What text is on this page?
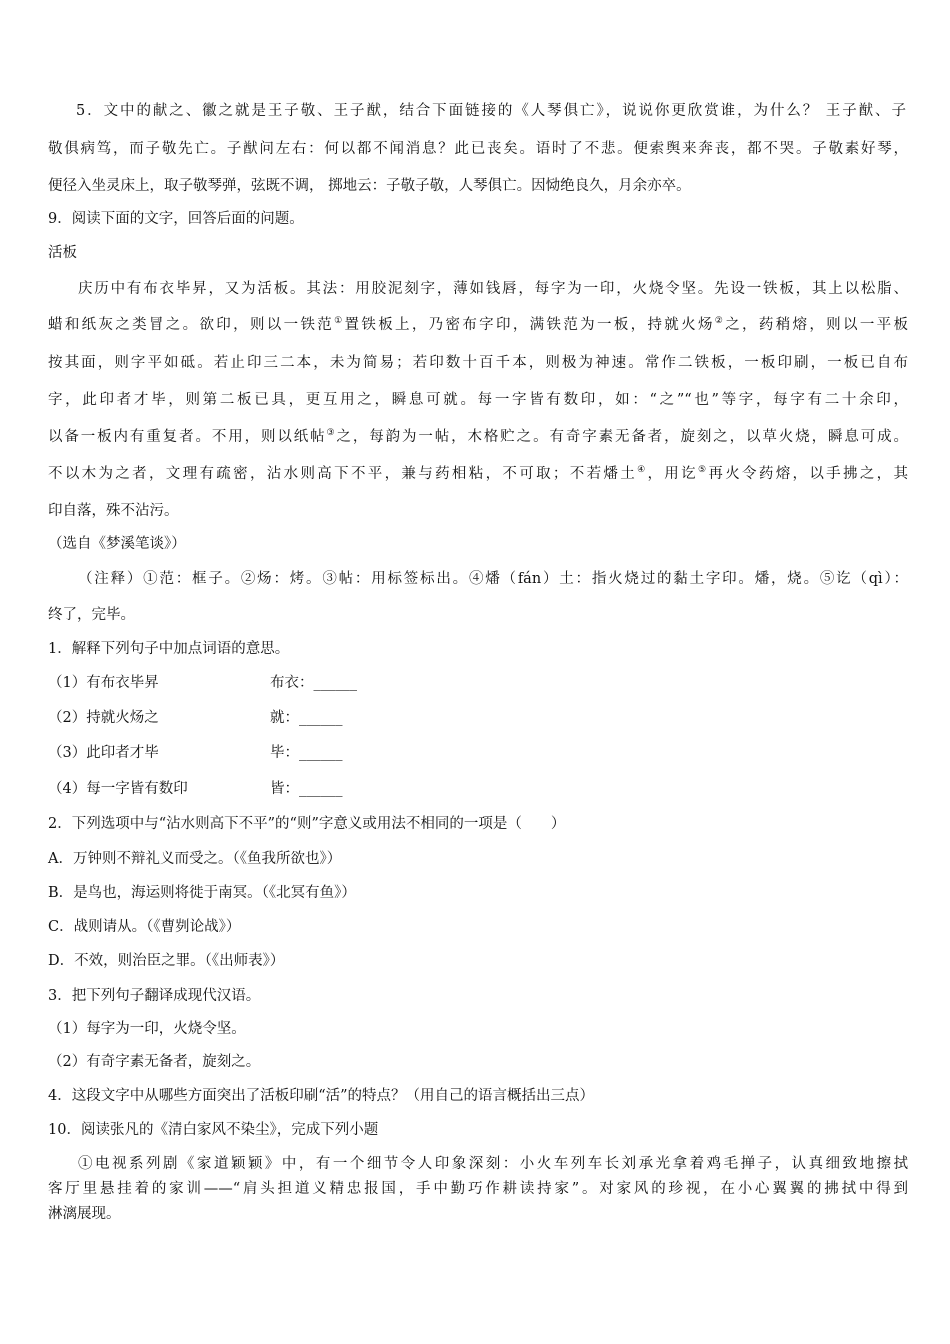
5．文中的献之、徽之就是王子敬、王子猷，结合下面链接的《人琴俱亡》，说说你更欣赏谁，为什么？ 王子猷、子
敬俱病笃，而子敬先亡。子猷问左右：何以都不闻消息？此已丧矣。语时了不悲。便索舆来奔丧，都不哭。子敬素好琴，
便径入坐灵床上，取子敬琴弹，弦既不调， 掷地云：子敬子敬，人琴俱亡。因恸绝良久，月余亦卒。
9．阅读下面的文字，回答后面的问题。
活板
庆历中有布衣毕昇，又为活板。其法：用胶泥刻字，薄如钱唇，每字为一印，火烧令坚。先设一铁板，其上以松脂、
蜡和纸灰之类冒之。欲印，则以一铁范①置铁板上，乃密布字印，满铁范为一板，持就火炀②之，药稍熔，则以一平板
按其面，则字平如砥。若止印三二本，未为简易；若印数十百千本，则极为神速。常作二铁板，一板印刷，一板已自布
字，此印者才毕，则第二板已具，更互用之，瞬息可就。每一字皆有数印，如：“之”“也”等字，每字有二十余印，
以备一板内有重复者。不用，则以纸帖③之，每韵为一帖，木格贮之。有奇字素无备者，旋刻之，以草火烧，瞬息可成。
不以木为之者，文理有疏密，沾水则高下不平，兼与药相粘，不可取；不若燔土④，用讫⑤再火令药熔，以手拂之，其
印自落，殊不沾污。
（选自《梦溪笔谈》）
（注释）①范：框子。②炀：烤。③帖：用标签标出。④燔（fán）土：指火烧过的黏土字印。燔，烧。⑤讫（qì）：
终了，完毕。
1．解释下列句子中加点词语的意思。
（1）有布衣毕昇	布衣：______
（2）持就火炀之	就：______
（3）此印者才毕	毕：______
（4）每一字皆有数印	皆：______
2．下列选项中与“沾水则高下不平”的“则”字意义或用法不相同的一项是（　　）
A．万钟则不辩礼义而受之。（《鱼我所欲也》）
B．是鸟也，海运则将徙于南冥。（《北冥有鱼》）
C．战则请从。（《曹刿论战》）
D．不效，则治臣之罪。（《出师表》）
3．把下列句子翻译成现代汉语。
（1）每字为一印，火烧令坚。
（2）有奇字素无备者，旋刻之。
4．这段文字中从哪些方面突出了活板印刷“活”的特点？（用自己的语言概括出三点）
10．阅读张凡的《清白家风不染尘》，完成下列小题
①电视系列剧《家道颖颖》中，有一个细节令人印象深刻：小火车列车长刘承光拿着鸡毛掸子，认真细致地擦拭
客厅里悬挂着的家训——“肩头担道义精忠报国，手中勤巧作耕读持家”。对家风的珍视，在小心翼翼的拂拭中得到
淋漓展现。
